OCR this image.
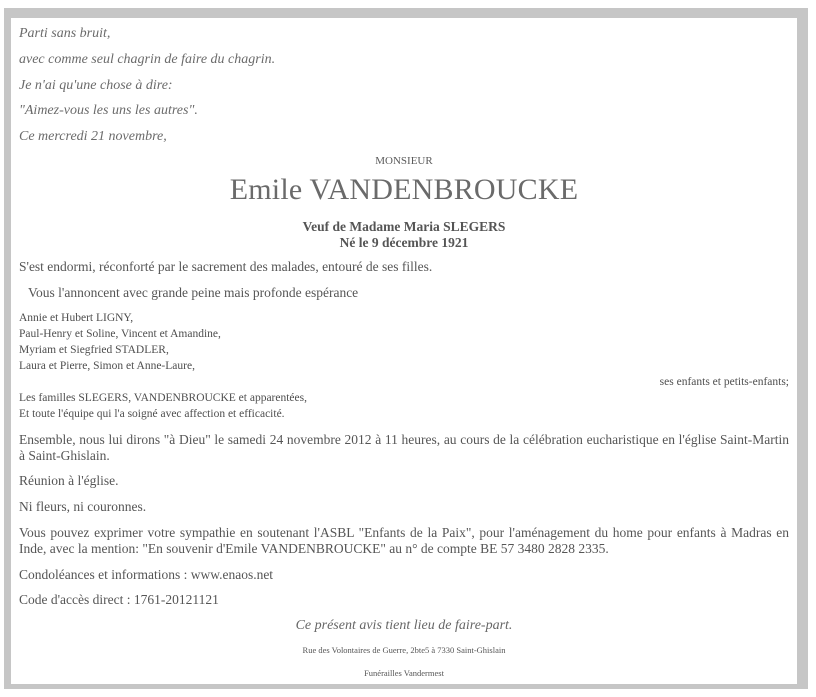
Parti sans bruit,
avec comme seul chagrin de faire du chagrin.
Je n'ai qu'une chose à dire:
"Aimez-vous les uns les autres".
Ce mercredi 21 novembre,
MONSIEUR
Emile VANDENBROUCKE
Veuf de Madame Maria SLEGERS
Né le 9 décembre 1921
S'est endormi, réconforté par le sacrement des malades, entouré de ses filles.
Vous l'annoncent avec grande peine mais profonde espérance
Annie et Hubert LIGNY,
Paul-Henry et Soline, Vincent et Amandine,
Myriam et Siegfried STADLER,
Laura et Pierre, Simon et Anne-Laure,
ses enfants et petits-enfants;
Les familles SLEGERS, VANDENBROUCKE et apparentées,
Et toute l'équipe qui l'a soigné avec affection et efficacité.
Ensemble, nous lui dirons "à Dieu" le samedi 24 novembre 2012 à 11 heures, au cours de la célébration eucharistique en l'église Saint-Martin à Saint-Ghislain.
Réunion à l'église.
Ni fleurs, ni couronnes.
Vous pouvez exprimer votre sympathie en soutenant l'ASBL "Enfants de la Paix", pour l'aménagement du home pour enfants à Madras en Inde, avec la mention: "En souvenir d'Emile VANDENBROUCKE" au n° de compte BE 57 3480 2828 2335.
Condoléances et informations : www.enaos.net
Code d'accès direct : 1761-20121121
Ce présent avis tient lieu de faire-part.
Rue des Volontaires de Guerre, 2bte5 à 7330 Saint-Ghislain
Funérailles Vandermest
